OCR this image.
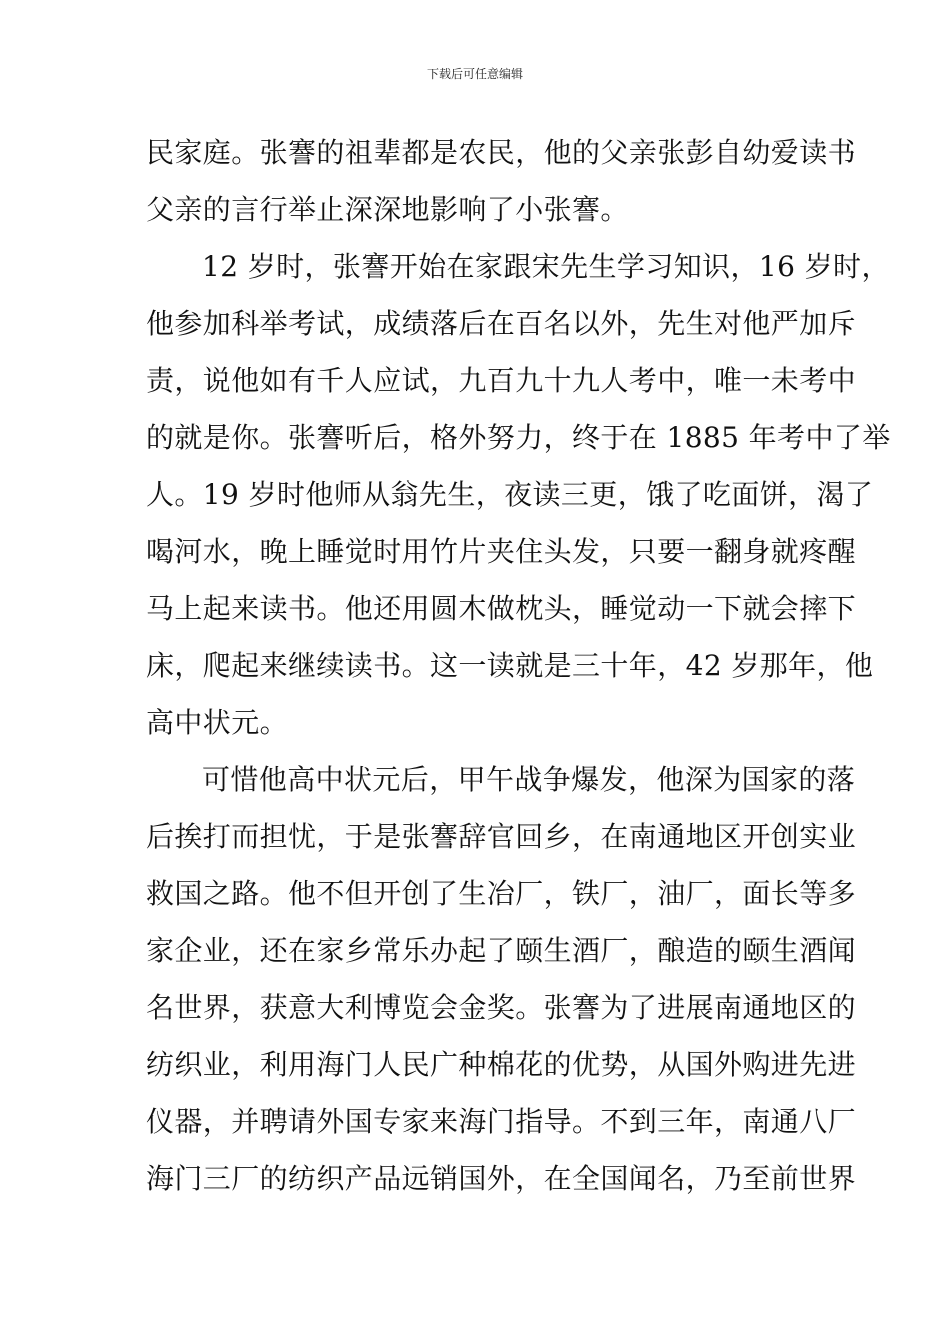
下载后可任意编辑
民家庭。张謇的祖辈都是农民，他的父亲张彭自幼爱读书
父亲的言行举止深深地影响了小张謇。
12 岁时，张謇开始在家跟宋先生学习知识，16 岁时，
他参加科举考试，成绩落后在百名以外，先生对他严加斥
责，说他如有千人应试，九百九十九人考中，唯一未考中
的就是你。张謇听后，格外努力，终于在 1885 年考中了举
人。19 岁时他师从翁先生，夜读三更，饿了吃面饼，渴了
喝河水，晚上睡觉时用竹片夹住头发，只要一翻身就疼醒
马上起来读书。他还用圆木做枕头，睡觉动一下就会摔下
床，爬起来继续读书。这一读就是三十年，42 岁那年，他
高中状元。
可惜他高中状元后，甲午战争爆发，他深为国家的落
后挨打而担忧，于是张謇辞官回乡，在南通地区开创实业
救国之路。他不但开创了生冶厂，铁厂，油厂，面长等多
家企业，还在家乡常乐办起了颐生酒厂，酿造的颐生酒闻
名世界，获意大利博览会金奖。张謇为了进展南通地区的
纺织业，利用海门人民广种棉花的优势，从国外购进先进
仪器，并聘请外国专家来海门指导。不到三年，南通八厂
海门三厂的纺织产品远销国外，在全国闻名，乃至前世界
